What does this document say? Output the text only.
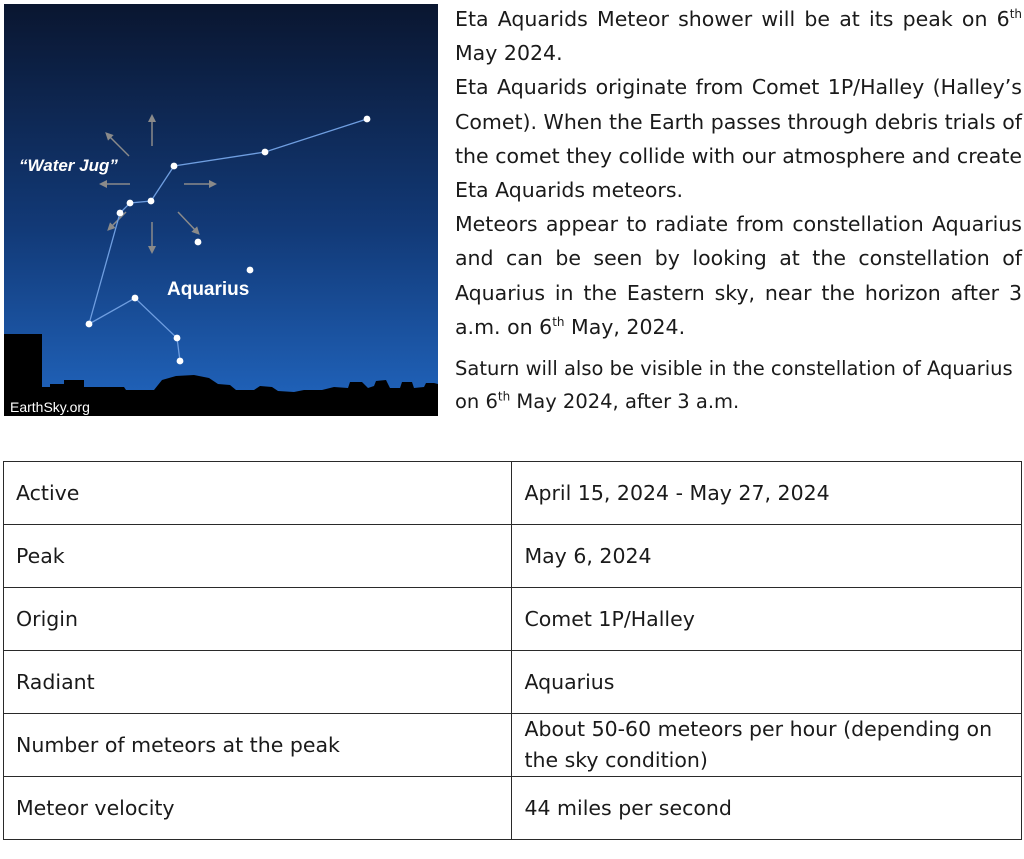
“Water Jug”
Aquarius
EarthSky.org

Eta Aquarids Meteor shower will be at its peak on 6th May 2024.

Eta Aquarids originate from Comet 1P/Halley (Halley’s Comet). When the Earth passes through debris trials of the comet they collide with our atmosphere and create Eta Aquarids meteors.

Meteors appear to radiate from constellation Aquarius and can be seen by looking at the constellation of Aquarius in the Eastern sky, near the horizon after 3 a.m. on 6th May, 2024.

Saturn will also be visible in the constellation of Aquarius on 6th May 2024, after 3 a.m.

Active	April 15, 2024 - May 27, 2024
Peak	May 6, 2024
Origin	Comet 1P/Halley
Radiant	Aquarius
Number of meteors at the peak	About 50-60 meteors per hour (depending on the sky condition)
Meteor velocity	44 miles per second
